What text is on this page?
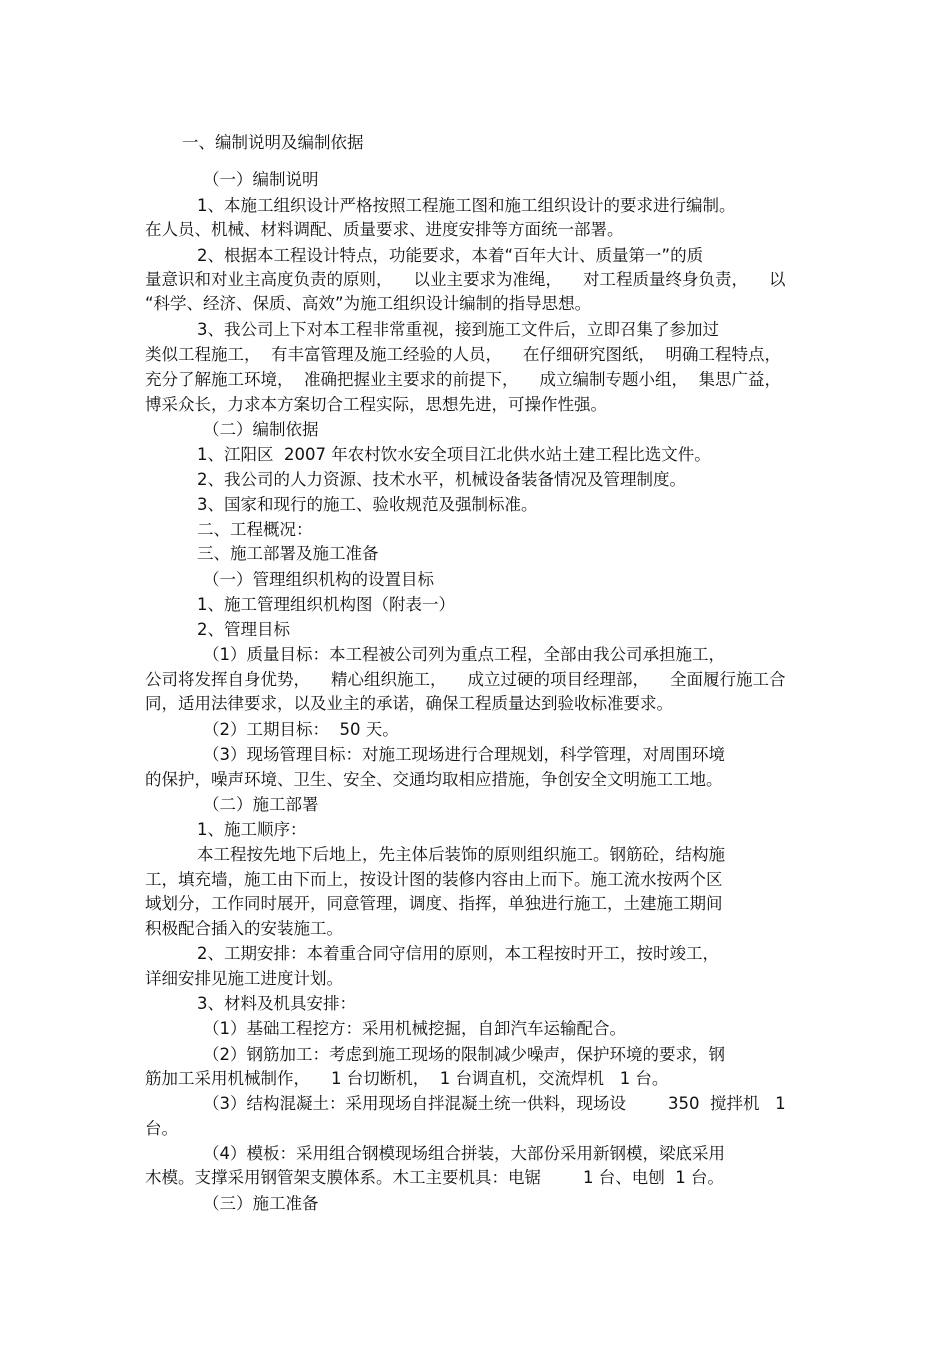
一、编制说明及编制依据
（一）编制说明
1、本施工组织设计严格按照工程施工图和施工组织设计的要求进行编制。
在人员、机械、材料调配、质量要求、进度安排等方面统一部署。
2、根据本工程设计特点，功能要求，本着“百年大计、质量第一”的质
量意识和对业主高度负责的原则，    以业主要求为准绳，    对工程质量终身负责，    以
“科学、经济、保质、高效”为施工组织设计编制的指导思想。
3、我公司上下对本工程非常重视，接到施工文件后，立即召集了参加过
类似工程施工，  有丰富管理及施工经验的人员，    在仔细研究图纸，  明确工程特点，
充分了解施工环境，  准确把握业主要求的前提下，    成立编制专题小组，  集思广益，
博采众长，力求本方案切合工程实际，思想先进，可操作性强。
（二）编制依据
1、江阳区  2007 年农村饮水安全项目江北供水站土建工程比选文件。
2、我公司的人力资源、技术水平，机械设备装备情况及管理制度。
3、国家和现行的施工、验收规范及强制标准。
二、工程概况：
三、施工部署及施工准备
（一）管理组织机构的设置目标
1、施工管理组织机构图（附表一）
2、管理目标
（1）质量目标：本工程被公司列为重点工程，全部由我公司承担施工，
公司将发挥自身优势，    精心组织施工，    成立过硬的项目经理部，    全面履行施工合
同，适用法律要求，以及业主的承诺，确保工程质量达到验收标准要求。
（2）工期目标：  50 天。
（3）现场管理目标：对施工现场进行合理规划，科学管理，对周围环境
的保护，噪声环境、卫生、安全、交通均取相应措施，争创安全文明施工工地。
（二）施工部署
1、施工顺序：
本工程按先地下后地上，先主体后装饰的原则组织施工。钢筋砼，结构施
工，填充墙，施工由下而上，按设计图的装修内容由上而下。施工流水按两个区
域划分，工作同时展开，同意管理，调度、指挥，单独进行施工，土建施工期间
积极配合插入的安装施工。
2、工期安排：本着重合同守信用的原则，本工程按时开工，按时竣工，
详细安排见施工进度计划。
3、材料及机具安排：
（1）基础工程挖方：采用机械挖掘，自卸汽车运输配合。
（2）钢筋加工：考虑到施工现场的限制减少噪声，保护环境的要求，钢
筋加工采用机械制作，    1 台切断机，  1 台调直机，交流焊机   1 台。
（3）结构混凝土：采用现场自拌混凝土统一供料，现场设        350  搅拌机   1
台。
（4）模板：采用组合钢模现场组合拼装，大部份采用新钢模，梁底采用
木模。支撑采用钢管架支膜体系。木工主要机具：电锯        1 台、电刨  1 台。
（三）施工准备
